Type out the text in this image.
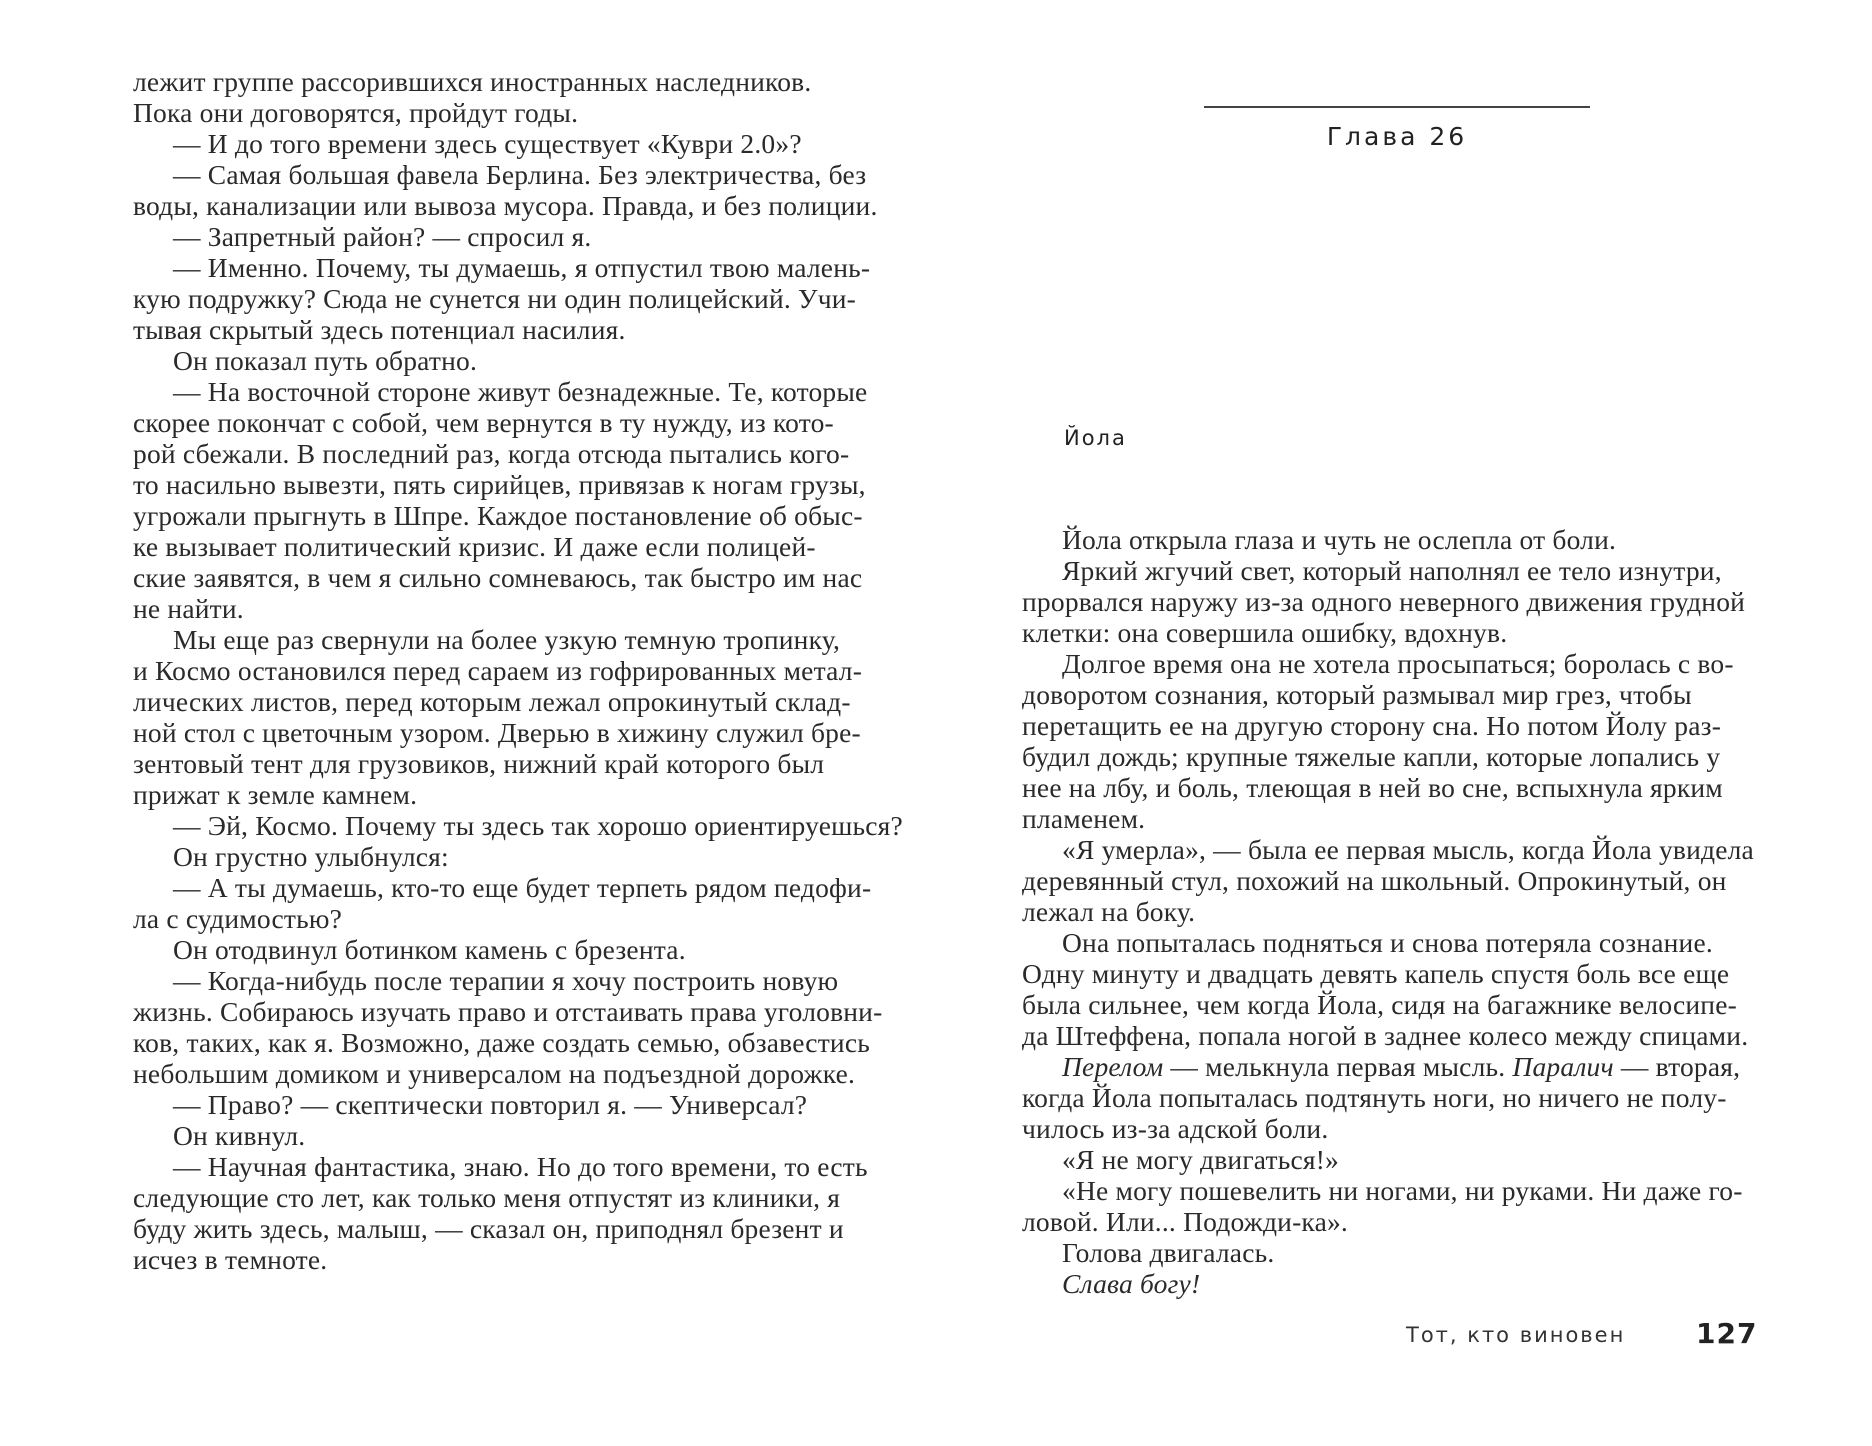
лежит группе рассорившихся иностранных наследников.
Пока они договорятся, пройдут годы.
— И до того времени здесь существует «Куври 2.0»?
— Самая большая фавела Берлина. Без электричества, без
воды, канализации или вывоза мусора. Правда, и без полиции.
— Запретный район? — спросил я.
— Именно. Почему, ты думаешь, я отпустил твою малень-
кую подружку? Сюда не сунется ни один полицейский. Учи-
тывая скрытый здесь потенциал насилия.
Он показал путь обратно.
— На восточной стороне живут безнадежные. Те, которые
скорее покончат с собой, чем вернутся в ту нужду, из кото-
рой сбежали. В последний раз, когда отсюда пытались кого-
то насильно вывезти, пять сирийцев, привязав к ногам грузы,
угрожали прыгнуть в Шпре. Каждое постановление об обыс-
ке вызывает политический кризис. И даже если полицей-
ские заявятся, в чем я сильно сомневаюсь, так быстро им нас
не найти.
Мы еще раз свернули на более узкую темную тропинку,
и Космо остановился перед сараем из гофрированных метал-
лических листов, перед которым лежал опрокинутый склад-
ной стол с цветочным узором. Дверью в хижину служил бре-
зентовый тент для грузовиков, нижний край которого был
прижат к земле камнем.
— Эй, Космо. Почему ты здесь так хорошо ориентируешься?
Он грустно улыбнулся:
— А ты думаешь, кто-то еще будет терпеть рядом педофи-
ла с судимостью?
Он отодвинул ботинком камень с брезента.
— Когда-нибудь после терапии я хочу построить новую
жизнь. Собираюсь изучать право и отстаивать права уголовни-
ков, таких, как я. Возможно, даже создать семью, обзавестись
небольшим домиком и универсалом на подъездной дорожке.
— Право? — скептически повторил я. — Универсал?
Он кивнул.
— Научная фантастика, знаю. Но до того времени, то есть
следующие сто лет, как только меня отпустят из клиники, я
буду жить здесь, малыш, — сказал он, приподнял брезент и
исчез в темноте.
Глава 26
Йола
Йола открыла глаза и чуть не ослепла от боли.
Яркий жгучий свет, который наполнял ее тело изнутри,
прорвался наружу из-за одного неверного движения грудной
клетки: она совершила ошибку, вдохнув.
Долгое время она не хотела просыпаться; боролась с во-
доворотом сознания, который размывал мир грез, чтобы
перетащить ее на другую сторону сна. Но потом Йолу раз-
будил дождь; крупные тяжелые капли, которые лопались у
нее на лбу, и боль, тлеющая в ней во сне, вспыхнула ярким
пламенем.
«Я умерла», — была ее первая мысль, когда Йола увидела
деревянный стул, похожий на школьный. Опрокинутый, он
лежал на боку.
Она попыталась подняться и снова потеряла сознание.
Одну минуту и двадцать девять капель спустя боль все еще
была сильнее, чем когда Йола, сидя на багажнике велосипе-
да Штеффена, попала ногой в заднее колесо между спицами.
Перелом — мелькнула первая мысль. Паралич — вторая,
когда Йола попыталась подтянуть ноги, но ничего не полу-
чилось из-за адской боли.
«Я не могу двигаться!»
«Не могу пошевелить ни ногами, ни руками. Ни даже го-
ловой. Или... Подожди-ка».
Голова двигалась.
Слава богу!
Тот, кто виновен	127
